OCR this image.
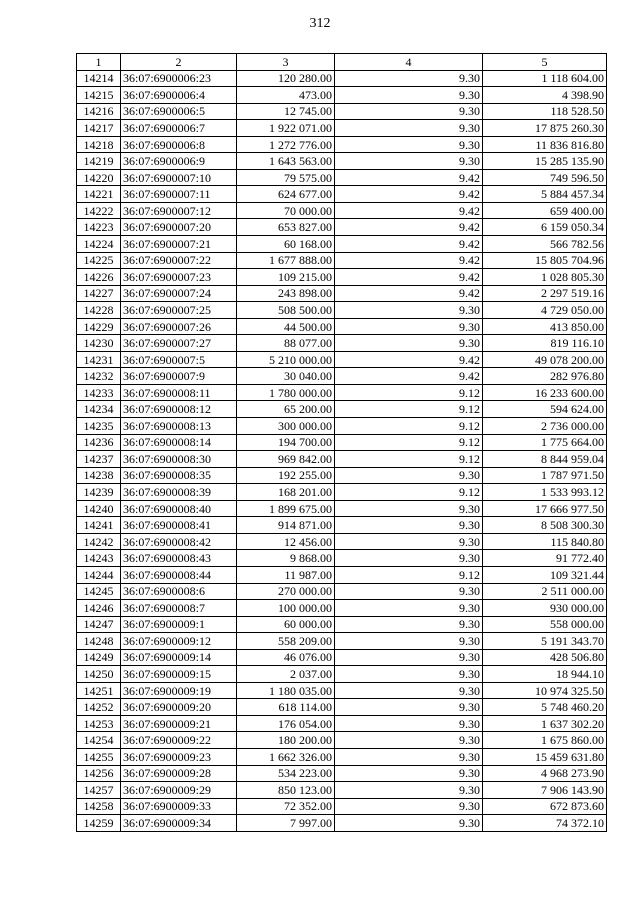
312
1	2	3	4	5
14214	36:07:6900006:23	120 280.00	9.30	1 118 604.00
14215	36:07:6900006:4	473.00	9.30	4 398.90
14216	36:07:6900006:5	12 745.00	9.30	118 528.50
14217	36:07:6900006:7	1 922 071.00	9.30	17 875 260.30
14218	36:07:6900006:8	1 272 776.00	9.30	11 836 816.80
14219	36:07:6900006:9	1 643 563.00	9.30	15 285 135.90
14220	36:07:6900007:10	79 575.00	9.42	749 596.50
14221	36:07:6900007:11	624 677.00	9.42	5 884 457.34
14222	36:07:6900007:12	70 000.00	9.42	659 400.00
14223	36:07:6900007:20	653 827.00	9.42	6 159 050.34
14224	36:07:6900007:21	60 168.00	9.42	566 782.56
14225	36:07:6900007:22	1 677 888.00	9.42	15 805 704.96
14226	36:07:6900007:23	109 215.00	9.42	1 028 805.30
14227	36:07:6900007:24	243 898.00	9.42	2 297 519.16
14228	36:07:6900007:25	508 500.00	9.30	4 729 050.00
14229	36:07:6900007:26	44 500.00	9.30	413 850.00
14230	36:07:6900007:27	88 077.00	9.30	819 116.10
14231	36:07:6900007:5	5 210 000.00	9.42	49 078 200.00
14232	36:07:6900007:9	30 040.00	9.42	282 976.80
14233	36:07:6900008:11	1 780 000.00	9.12	16 233 600.00
14234	36:07:6900008:12	65 200.00	9.12	594 624.00
14235	36:07:6900008:13	300 000.00	9.12	2 736 000.00
14236	36:07:6900008:14	194 700.00	9.12	1 775 664.00
14237	36:07:6900008:30	969 842.00	9.12	8 844 959.04
14238	36:07:6900008:35	192 255.00	9.30	1 787 971.50
14239	36:07:6900008:39	168 201.00	9.12	1 533 993.12
14240	36:07:6900008:40	1 899 675.00	9.30	17 666 977.50
14241	36:07:6900008:41	914 871.00	9.30	8 508 300.30
14242	36:07:6900008:42	12 456.00	9.30	115 840.80
14243	36:07:6900008:43	9 868.00	9.30	91 772.40
14244	36:07:6900008:44	11 987.00	9.12	109 321.44
14245	36:07:6900008:6	270 000.00	9.30	2 511 000.00
14246	36:07:6900008:7	100 000.00	9.30	930 000.00
14247	36:07:6900009:1	60 000.00	9.30	558 000.00
14248	36:07:6900009:12	558 209.00	9.30	5 191 343.70
14249	36:07:6900009:14	46 076.00	9.30	428 506.80
14250	36:07:6900009:15	2 037.00	9.30	18 944.10
14251	36:07:6900009:19	1 180 035.00	9.30	10 974 325.50
14252	36:07:6900009:20	618 114.00	9.30	5 748 460.20
14253	36:07:6900009:21	176 054.00	9.30	1 637 302.20
14254	36:07:6900009:22	180 200.00	9.30	1 675 860.00
14255	36:07:6900009:23	1 662 326.00	9.30	15 459 631.80
14256	36:07:6900009:28	534 223.00	9.30	4 968 273.90
14257	36:07:6900009:29	850 123.00	9.30	7 906 143.90
14258	36:07:6900009:33	72 352.00	9.30	672 873.60
14259	36:07:6900009:34	7 997.00	9.30	74 372.10
